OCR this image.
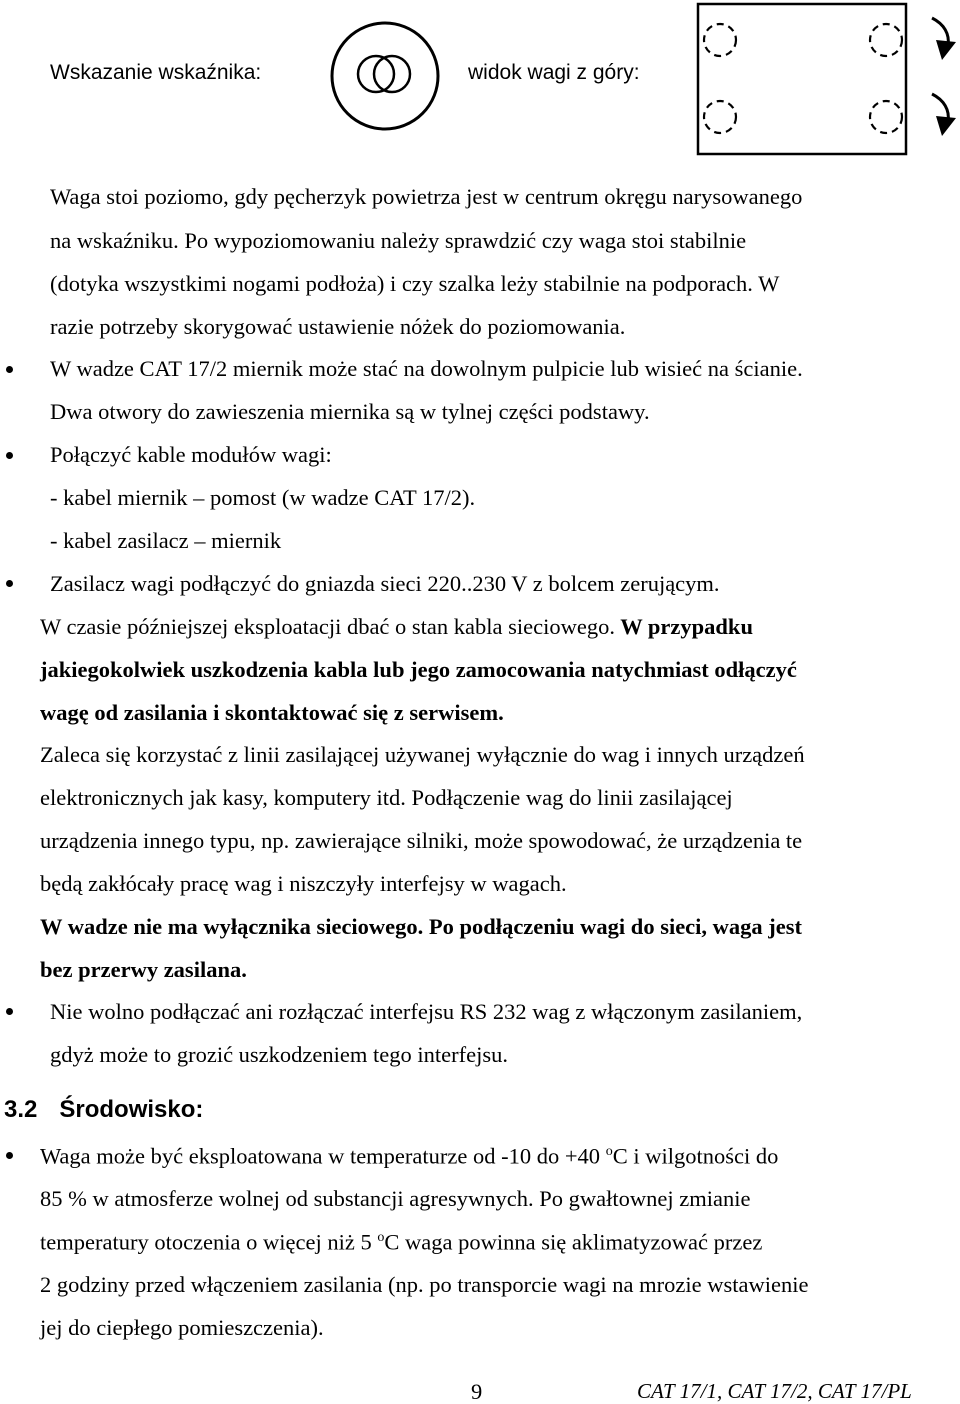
Wskazanie wskaźnika:	widok wagi z góry:
Waga stoi poziomo, gdy pęcherzyk powietrza jest w centrum okręgu narysowanego
na wskaźniku. Po wypoziomowaniu należy sprawdzić czy waga stoi stabilnie
(dotyka wszystkimi nogami podłoża) i czy szalka leży stabilnie na podporach. W
razie potrzeby skorygować ustawienie nóżek do poziomowania.
W wadze CAT 17/2 miernik może stać na dowolnym pulpicie lub wisieć na ścianie.
Dwa otwory do zawieszenia miernika są w tylnej części podstawy.
Połączyć kable modułów wagi:
- kabel miernik – pomost (w wadze CAT 17/2).
- kabel zasilacz – miernik
Zasilacz wagi podłączyć do gniazda sieci 220..230 V z bolcem zerującym.
W czasie późniejszej eksploatacji dbać o stan kabla sieciowego. W przypadku
jakiegokolwiek uszkodzenia kabla lub jego zamocowania natychmiast odłączyć
wagę od zasilania i skontaktować się z serwisem.
Zaleca się korzystać z linii zasilającej używanej wyłącznie do wag i innych urządzeń
elektronicznych jak kasy, komputery itd. Podłączenie wag do linii zasilającej
urządzenia innego typu, np. zawierające silniki, może spowodować, że urządzenia te
będą zakłócały pracę wag i niszczyły interfejsy w wagach.
W wadze nie ma wyłącznika sieciowego. Po podłączeniu wagi do sieci, waga jest
bez przerwy zasilana.
Nie wolno podłączać ani rozłączać interfejsu RS 232 wag z włączonym zasilaniem,
gdyż może to grozić uszkodzeniem tego interfejsu.
3.2 Środowisko:
Waga może być eksploatowana w temperaturze od -10 do +40 $^o$C i wilgotności do
85 % w atmosferze wolnej od substancji agresywnych. Po gwałtownej zmianie
temperatury otoczenia o więcej niż 5 $^o$C waga powinna się aklimatyzować przez
2 godziny przed włączeniem zasilania (np. po transporcie wagi na mrozie wstawienie
jej do ciepłego pomieszczenia).
9	CAT 17/1, CAT 17/2, CAT 17/PL
